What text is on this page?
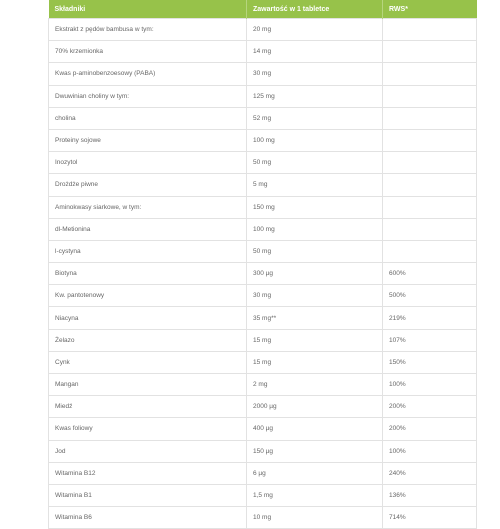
Składniki	Zawartość w 1 tabletce	RWS*
Ekstrakt z pędów bambusa w tym:	20 mg	
70% krzemionka	14 mg	
Kwas p-aminobenzoesowy (PABA)	30 mg	
Dwuwinian choliny w tym:	125 mg	
cholina	52 mg	
Proteiny sojowe	100 mg	
Inozytol	50 mg	
Drożdże piwne	5 mg	
Aminokwasy siarkowe, w tym:	150 mg	
dl-Metionina	100 mg	
l-cystyna	50 mg	
Biotyna	300 µg	600%
Kw. pantotenowy	30 mg	500%
Niacyna	35 mg**	219%
Żelazo	15 mg	107%
Cynk	15 mg	150%
Mangan	2 mg	100%
Miedź	2000 µg	200%
Kwas foliowy	400 µg	200%
Jod	150 µg	100%
Witamina B12	6 µg	240%
Witamina B1	1,5 mg	136%
Witamina B6	10 mg	714%
